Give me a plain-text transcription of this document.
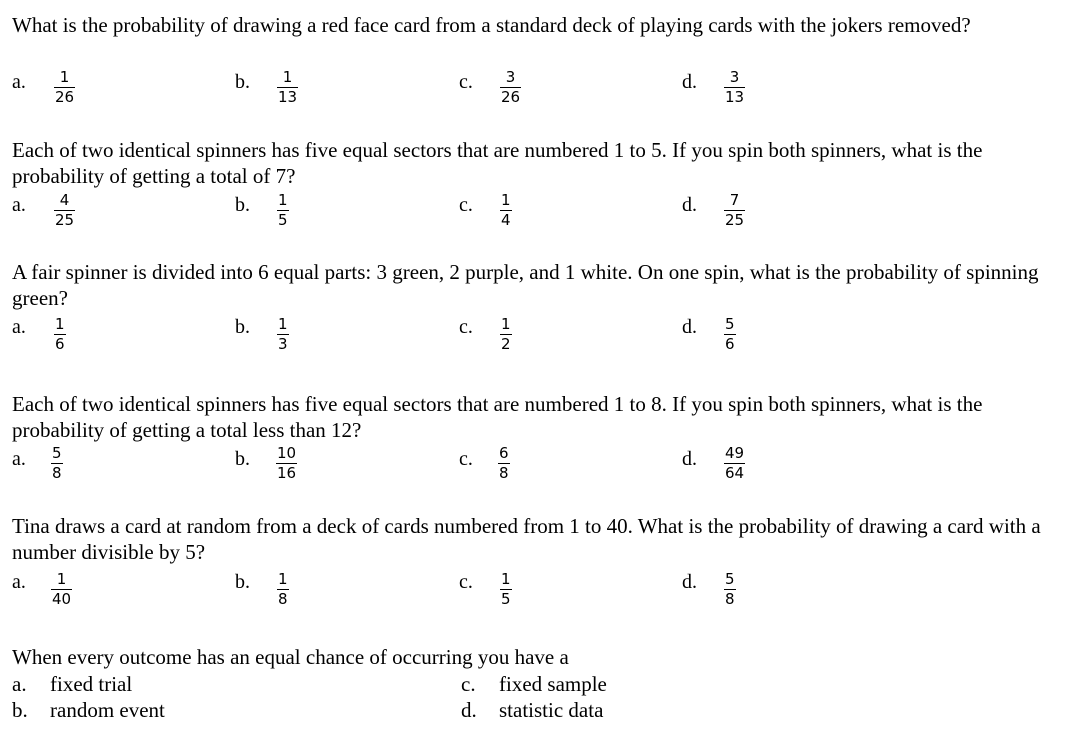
What is the probability of drawing a red face card from a standard deck of playing cards with the jokers removed?
a. 1
26
b. 1
13
c. 3
26
d. 3
13
Each of two identical spinners has five equal sectors that are numbered 1 to 5. If you spin both spinners, what is the probability of getting a total of 7?
a. 4
25
b. 1
5
c. 1
4
d. 7
25
A fair spinner is divided into 6 equal parts: 3 green, 2 purple, and 1 white. On one spin, what is the probability of spinning green?
a. 1
6
b. 1
3
c. 1
2
d. 5
6
Each of two identical spinners has five equal sectors that are numbered 1 to 8. If you spin both spinners, what is the probability of getting a total less than 12?
a. 5
8
b. 10
16
c. 6
8
d. 49
64
Tina draws a card at random from a deck of cards numbered from 1 to 40. What is the probability of drawing a card with a number divisible by 5?
a. 1
40
b. 1
8
c. 1
5
d. 5
8
When every outcome has an equal chance of occurring you have a
a. fixed trial
b. random event
c. fixed sample
d. statistic data
